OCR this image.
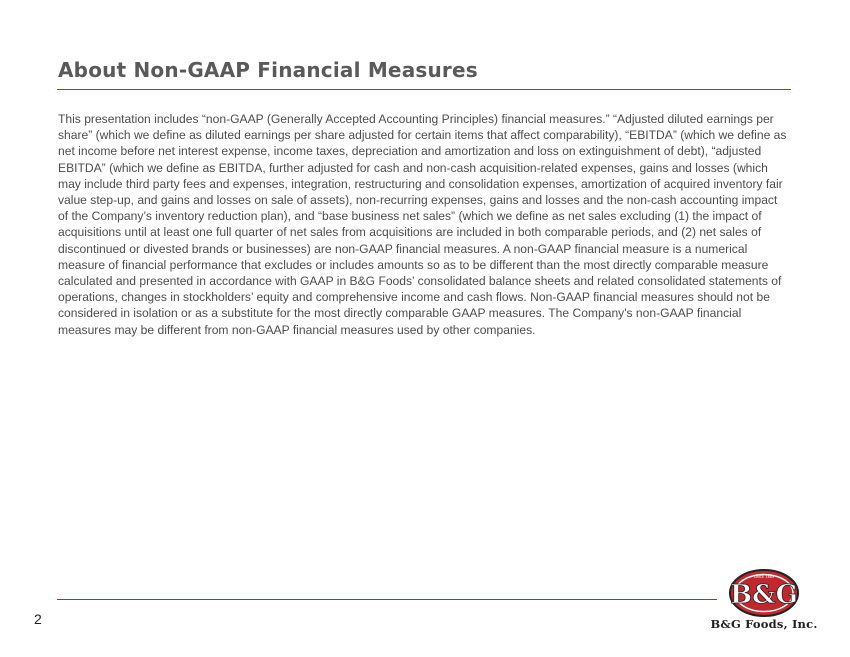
About Non-GAAP Financial Measures

This presentation includes “non-GAAP (Generally Accepted Accounting Principles) financial measures.” “Adjusted diluted earnings per share” (which we define as diluted earnings per share adjusted for certain items that affect comparability), “EBITDA” (which we define as net income before net interest expense, income taxes, depreciation and amortization and loss on extinguishment of debt), “adjusted EBITDA” (which we define as EBITDA, further adjusted for cash and non-cash acquisition-related expenses, gains and losses (which may include third party fees and expenses, integration, restructuring and consolidation expenses, amortization of acquired inventory fair value step-up, and gains and losses on sale of assets), non-recurring expenses, gains and losses and the non-cash accounting impact of the Company’s inventory reduction plan), and “base business net sales” (which we define as net sales excluding (1) the impact of acquisitions until at least one full quarter of net sales from acquisitions are included in both comparable periods, and (2) net sales of discontinued or divested brands or businesses) are non-GAAP financial measures. A non-GAAP financial measure is a numerical measure of financial performance that excludes or includes amounts so as to be different than the most directly comparable measure calculated and presented in accordance with GAAP in B&G Foods’ consolidated balance sheets and related consolidated statements of operations, changes in stockholders’ equity and comprehensive income and cash flows. Non-GAAP financial measures should not be considered in isolation or as a substitute for the most directly comparable GAAP measures. The Company's non-GAAP financial measures may be different from non-GAAP financial measures used by other companies.

2
SINCE 1889
B&G
B&G Foods, Inc.
